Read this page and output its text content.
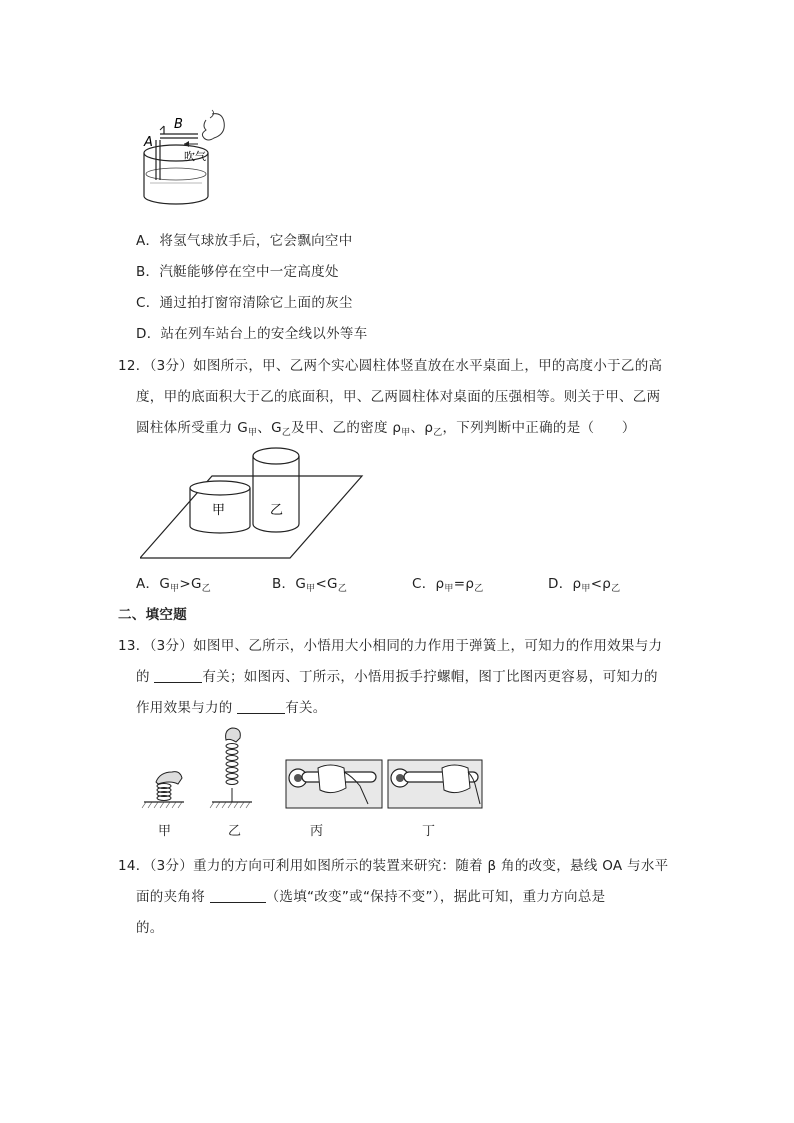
A
B
吹气
A．将氢气球放手后，它会飘向空中
B．汽艇能够停在空中一定高度处
C．通过拍打窗帘清除它上面的灰尘
D．站在列车站台上的安全线以外等车
12．（3分）如图所示，甲、乙两个实心圆柱体竖直放在水平桌面上，甲的高度小于乙的高
度，甲的底面积大于乙的底面积，甲、乙两圆柱体对桌面的压强相等。则关于甲、乙两
圆柱体所受重力 $G_甲$、$G_乙$及甲、乙的密度 $\rho_甲$、$\rho_乙$，下列判断中正确的是（　　）
甲	乙
A．$G_甲>G_乙$	B．$G_甲<G_乙$	C．$\rho_甲=\rho_乙$	D．$\rho_甲<\rho_乙$
二、填空题
13．（3分）如图甲、乙所示，小悟用大小相同的力作用于弹簧上，可知力的作用效果与力
的	有关；如图丙、丁所示，小悟用扳手拧螺帽，图丁比图丙更容易，可知力的
作用效果与力的	有关。
甲	乙	丙	丁
14．（3分）重力的方向可利用如图所示的装置来研究：随着 β 角的改变，悬线 OA 与水平
面的夹角将	（选填“改变”或“保持不变”），据此可知，重力方向总是
的。
